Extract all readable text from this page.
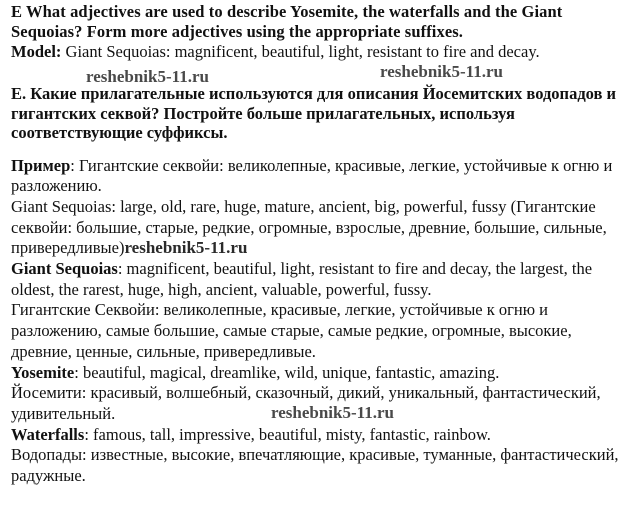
E What adjectives are used to describe Yosemite, the waterfalls and the Giant Sequoias? Form more adjectives using the appropriate suffixes.

Model: Giant Sequoias: magnificent, beautiful, light, resistant to fire and decay.

Е. Какие прилагательные используются для описания Йосемитских водопадов и гигантских секвой? Постройте больше прилагательных, используя соответствующие суффиксы.

Пример: Гигантские секвойи: великолепные, красивые, легкие, устойчивые к огню и разложению.

Giant Sequoias: large, old, rare, huge, mature, ancient, big, powerful, fussy (Гигантские секвойи: большие, старые, редкие, огромные, взрослые, древние, большие, сильные, привередливые)reshebnik5-11.ru

Giant Sequoias: magnificent, beautiful, light, resistant to fire and decay, the largest, the oldest, the rarest, huge, high, ancient, valuable, powerful, fussy.

Гигантские Секвойи: великолепные, красивые, легкие, устойчивые к огню и разложению, самые большие, самые старые, самые редкие, огромные, высокие, древние, ценные, сильные, привередливые.

Yosemite: beautiful, magical, dreamlike, wild, unique, fantastic, amazing.

Йосемити: красивый, волшебный, сказочный, дикий, уникальный, фантастический, удивительный.

Waterfalls: famous, tall, impressive, beautiful, misty, fantastic, rainbow.

Водопады: известные, высокие, впечатляющие, красивые, туманные, фантастический, радужные.

reshebnik5-11.ru	reshebnik5-11.ru
reshebnik5-11.ru
